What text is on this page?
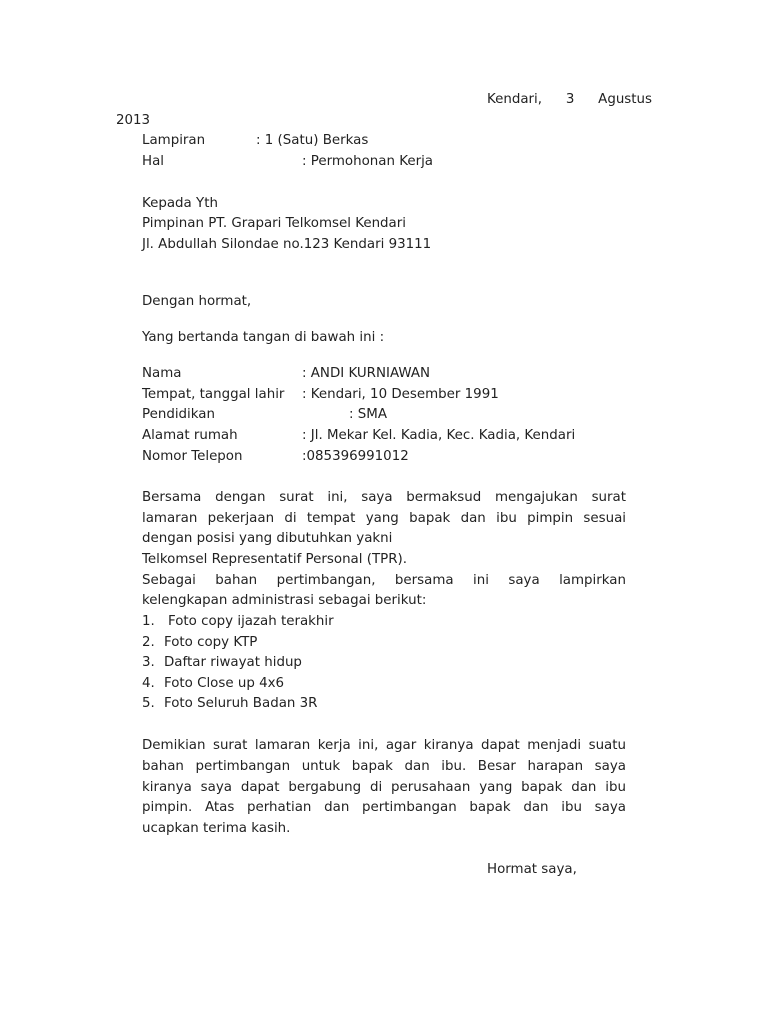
Kendari, 3 Agustus
2013
Lampiran	: 1 (Satu) Berkas
Hal	: Permohonan Kerja
Kepada Yth
Pimpinan PT. Grapari Telkomsel Kendari
Jl. Abdullah Silondae no.123 Kendari 93111
Dengan hormat,
Yang bertanda tangan di bawah ini :
Nama	: ANDI KURNIAWAN
Tempat, tanggal lahir : Kendari, 10 Desember 1991
Pendidikan	: SMA
Alamat rumah	: Jl. Mekar Kel. Kadia, Kec. Kadia, Kendari
Nomor Telepon	:085396991012
Bersama dengan surat ini, saya bermaksud mengajukan surat
lamaran pekerjaan di tempat yang bapak dan ibu pimpin sesuai
dengan posisi yang dibutuhkan yakni
Telkomsel Representatif Personal (TPR).
Sebagai bahan pertimbangan, bersama ini saya lampirkan
kelengkapan administrasi sebagai berikut:
1. Foto copy ijazah terakhir
2. Foto copy KTP
3. Daftar riwayat hidup
4. Foto Close up 4x6
5. Foto Seluruh Badan 3R
Demikian surat lamaran kerja ini, agar kiranya dapat menjadi suatu
bahan pertimbangan untuk bapak dan ibu. Besar harapan saya
kiranya saya dapat bergabung di perusahaan yang bapak dan ibu
pimpin. Atas perhatian dan pertimbangan bapak dan ibu saya
ucapkan terima kasih.
Hormat saya,
